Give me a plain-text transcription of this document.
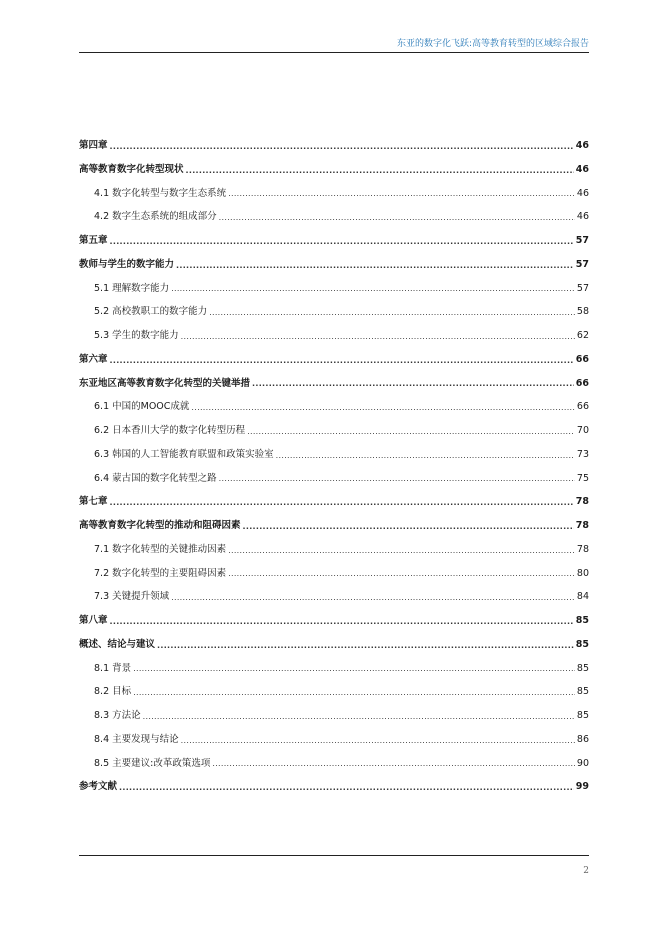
东亚的数字化飞跃:高等教育转型的区域综合报告
第四章 .....	46
高等教育数字化转型现状 .....	46
4.1 数字化转型与数字生态系统 .....	46
4.2 数字生态系统的组成部分 .....	46
第五章 .....	57
教师与学生的数字能力 .....	57
5.1 理解数字能力 .....	57
5.2 高校教职工的数字能力 .....	58
5.3 学生的数字能力 .....	62
第六章 .....	66
东亚地区高等教育数字化转型的关键举措 .....	66
6.1 中国的MOOC成就 .....	66
6.2 日本香川大学的数字化转型历程 .....	70
6.3 韩国的人工智能教育联盟和政策实验室 .....	73
6.4 蒙古国的数字化转型之路 .....	75
第七章 .....	78
高等教育数字化转型的推动和阻碍因素 .....	78
7.1 数字化转型的关键推动因素 .....	78
7.2 数字化转型的主要阻碍因素 .....	80
7.3 关键提升领域 .....	84
第八章 .....	85
概述、结论与建议 .....	85
8.1 背景 .....	85
8.2 目标 .....	85
8.3 方法论 .....	85
8.4 主要发现与结论 .....	86
8.5 主要建议:改革政策选项 .....	90
参考文献 .....	99
2
